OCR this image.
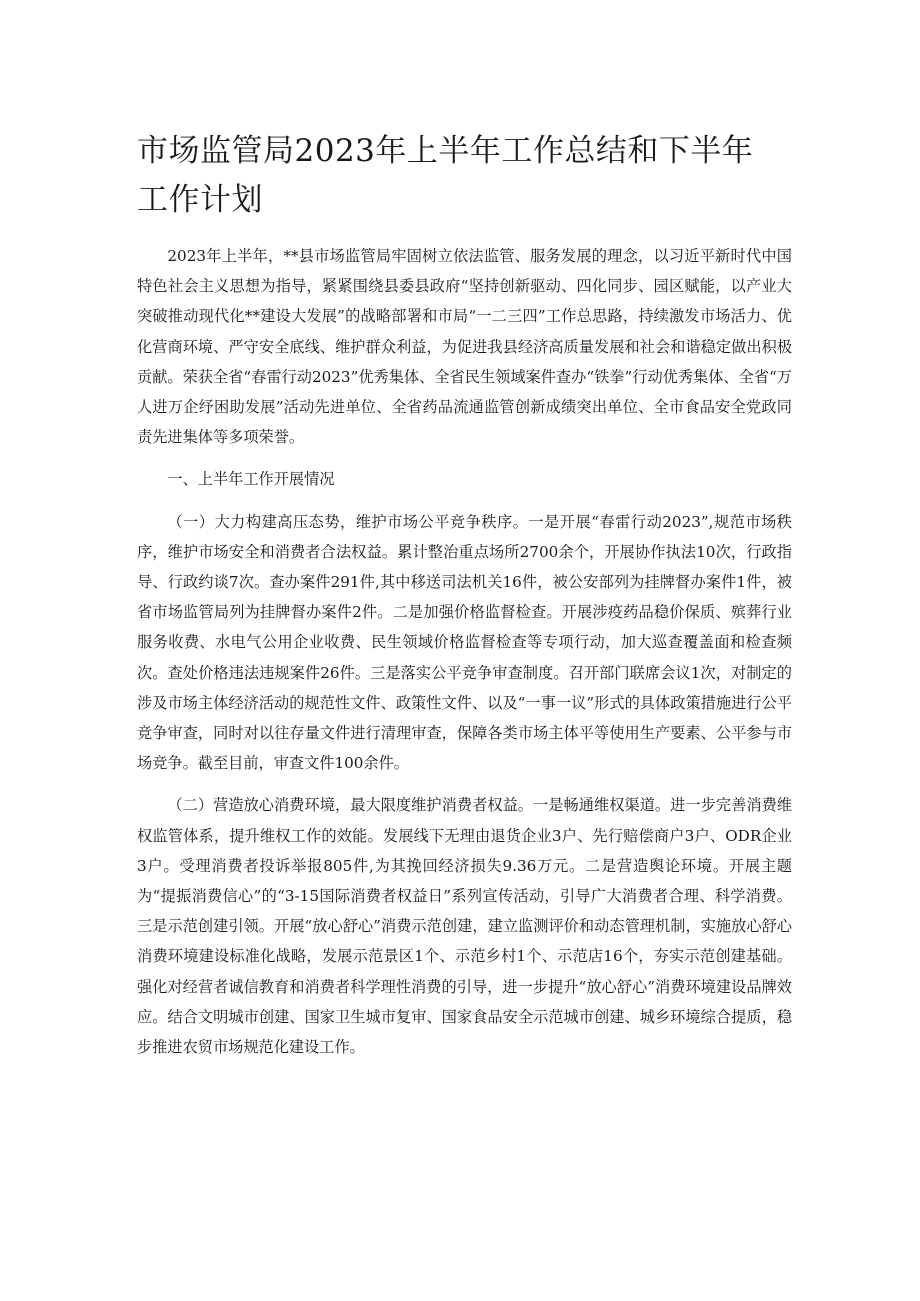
市场监管局2023年上半年工作总结和下半年工作计划

2023年上半年，**县市场监管局牢固树立依法监管、服务发展的理念，以习近平新时代中国特色社会主义思想为指导，紧紧围绕县委县政府“坚持创新驱动、四化同步、园区赋能，以产业大突破推动现代化**建设大发展”的战略部署和市局“一二三四”工作总思路，持续激发市场活力、优化营商环境、严守安全底线、维护群众利益，为促进我县经济高质量发展和社会和谐稳定做出积极贡献。荣获全省“春雷行动2023”优秀集体、全省民生领域案件查办“铁拳”行动优秀集体、全省“万人进万企纾困助发展”活动先进单位、全省药品流通监管创新成绩突出单位、全市食品安全党政同责先进集体等多项荣誉。

一、上半年工作开展情况

（一）大力构建高压态势，维护市场公平竞争秩序。一是开展“春雷行动2023”,规范市场秩序，维护市场安全和消费者合法权益。累计整治重点场所2700余个，开展协作执法10次，行政指导、行政约谈7次。查办案件291件,其中移送司法机关16件，被公安部列为挂牌督办案件1件，被省市场监管局列为挂牌督办案件2件。二是加强价格监督检查。开展涉疫药品稳价保质、殡葬行业服务收费、水电气公用企业收费、民生领域价格监督检查等专项行动，加大巡查覆盖面和检查频次。查处价格违法违规案件26件。三是落实公平竞争审查制度。召开部门联席会议1次，对制定的涉及市场主体经济活动的规范性文件、政策性文件、以及“一事一议”形式的具体政策措施进行公平竞争审查，同时对以往存量文件进行清理审查，保障各类市场主体平等使用生产要素、公平参与市场竞争。截至目前，审查文件100余件。

（二）营造放心消费环境，最大限度维护消费者权益。一是畅通维权渠道。进一步完善消费维权监管体系，提升维权工作的效能。发展线下无理由退货企业3户、先行赔偿商户3户、ODR企业3户。受理消费者投诉举报805件,为其挽回经济损失9.36万元。二是营造舆论环境。开展主题为“提振消费信心”的“3-15国际消费者权益日”系列宣传活动，引导广大消费者合理、科学消费。三是示范创建引领。开展“放心舒心”消费示范创建，建立监测评价和动态管理机制，实施放心舒心消费环境建设标准化战略，发展示范景区1个、示范乡村1个、示范店16个，夯实示范创建基础。强化对经营者诚信教育和消费者科学理性消费的引导，进一步提升“放心舒心”消费环境建设品牌效应。结合文明城市创建、国家卫生城市复审、国家食品安全示范城市创建、城乡环境综合提质，稳步推进农贸市场规范化建设工作。
